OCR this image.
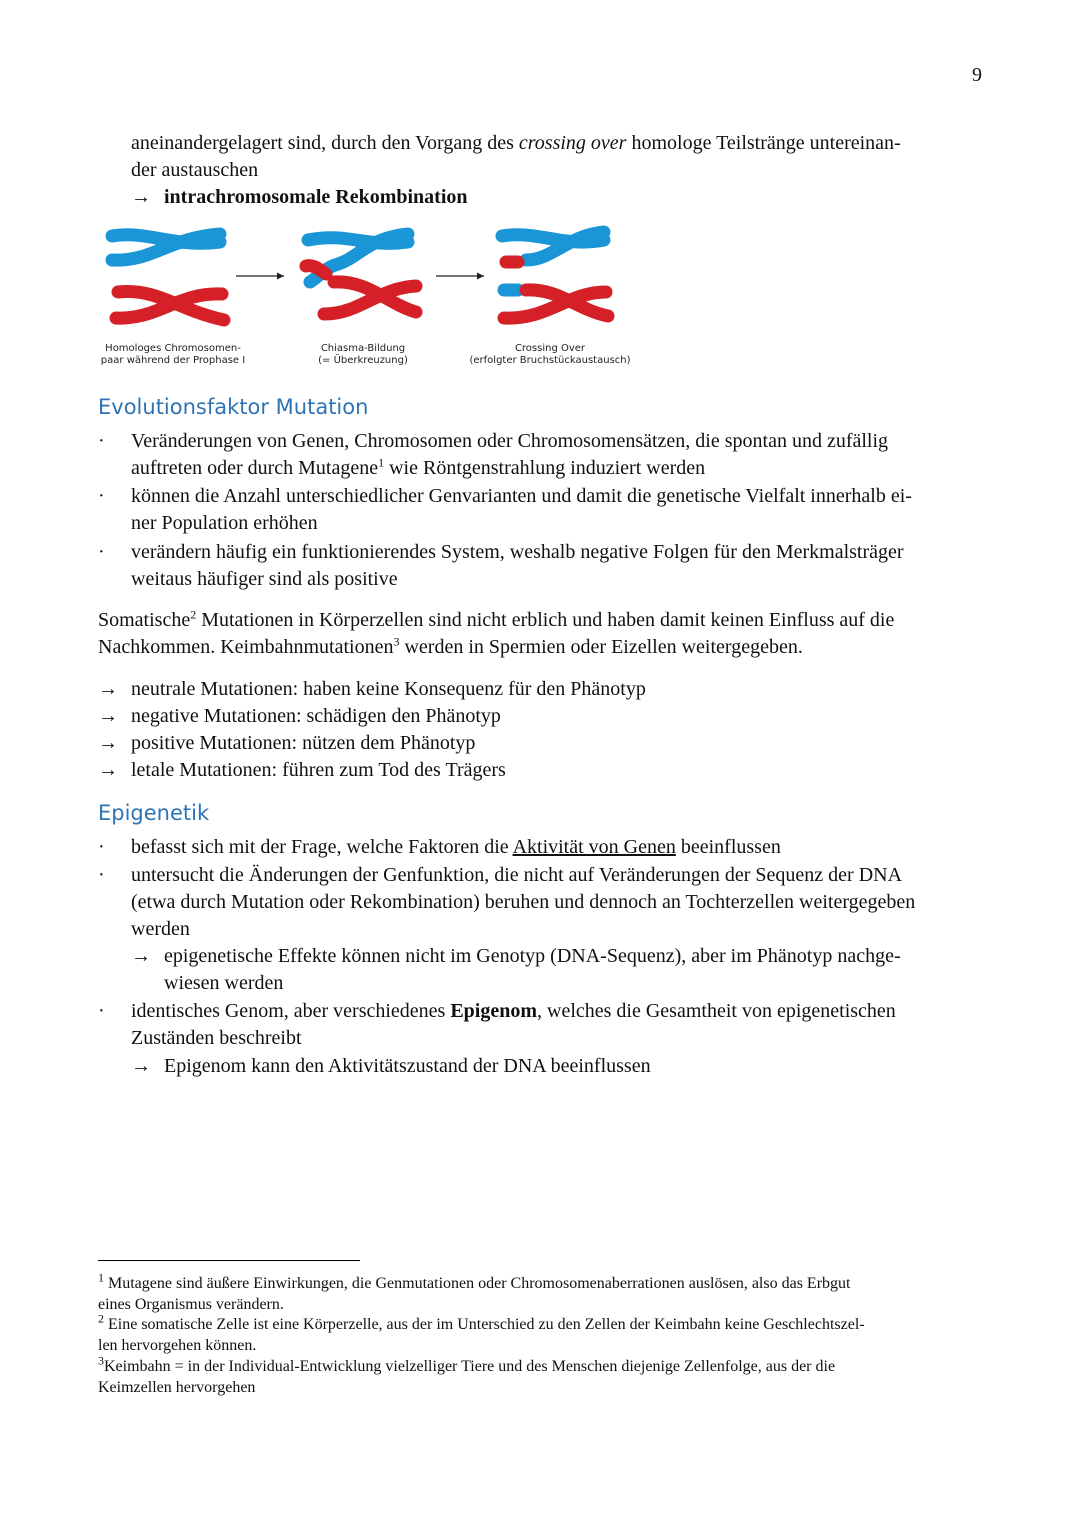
9
aneinandergelagert sind, durch den Vorgang des crossing over homologe Teilstränge untereinan-
der austauschen
→ intrachromosomale Rekombination
Homologes Chromosomen-
paar während der Prophase I
Chiasma-Bildung
(= Überkreuzung)
Crossing Over
(erfolgter Bruchstückaustausch)
Evolutionsfaktor Mutation
·	Veränderungen von Genen, Chromosomen oder Chromosomensätzen, die spontan und zufällig
auftreten oder durch Mutagene$^1$ wie Röntgenstrahlung induziert werden
·	können die Anzahl unterschiedlicher Genvarianten und damit die genetische Vielfalt innerhalb ei-
ner Population erhöhen
·	verändern häufig ein funktionierendes System, weshalb negative Folgen für den Merkmalsträger
weitaus häufiger sind als positive
Somatische$^2$ Mutationen in Körperzellen sind nicht erblich und haben damit keinen Einfluss auf die
Nachkommen. Keimbahnmutationen$^3$ werden in Spermien oder Eizellen weitergegeben.
→ neutrale Mutationen: haben keine Konsequenz für den Phänotyp
→ negative Mutationen: schädigen den Phänotyp
→ positive Mutationen: nützen dem Phänotyp
→ letale Mutationen: führen zum Tod des Trägers
Epigenetik
·	befasst sich mit der Frage, welche Faktoren die Aktivität von Genen beeinflussen
·	untersucht die Änderungen der Genfunktion, die nicht auf Veränderungen der Sequenz der DNA
(etwa durch Mutation oder Rekombination) beruhen und dennoch an Tochterzellen weitergegeben
werden
→ epigenetische Effekte können nicht im Genotyp (DNA-Sequenz), aber im Phänotyp nachge-
wiesen werden
·	identisches Genom, aber verschiedenes Epigenom, welches die Gesamtheit von epigenetischen
Zuständen beschreibt
→ Epigenom kann den Aktivitätszustand der DNA beeinflussen
$^1$ Mutagene sind äußere Einwirkungen, die Genmutationen oder Chromosomenaberrationen auslösen, also das Erbgut
eines Organismus verändern.
$^2$ Eine somatische Zelle ist eine Körperzelle, aus der im Unterschied zu den Zellen der Keimbahn keine Geschlechtszel-
len hervorgehen können.
$^3$Keimbahn = in der Individual-Entwicklung vielzelliger Tiere und des Menschen diejenige Zellenfolge, aus der die
Keimzellen hervorgehen
